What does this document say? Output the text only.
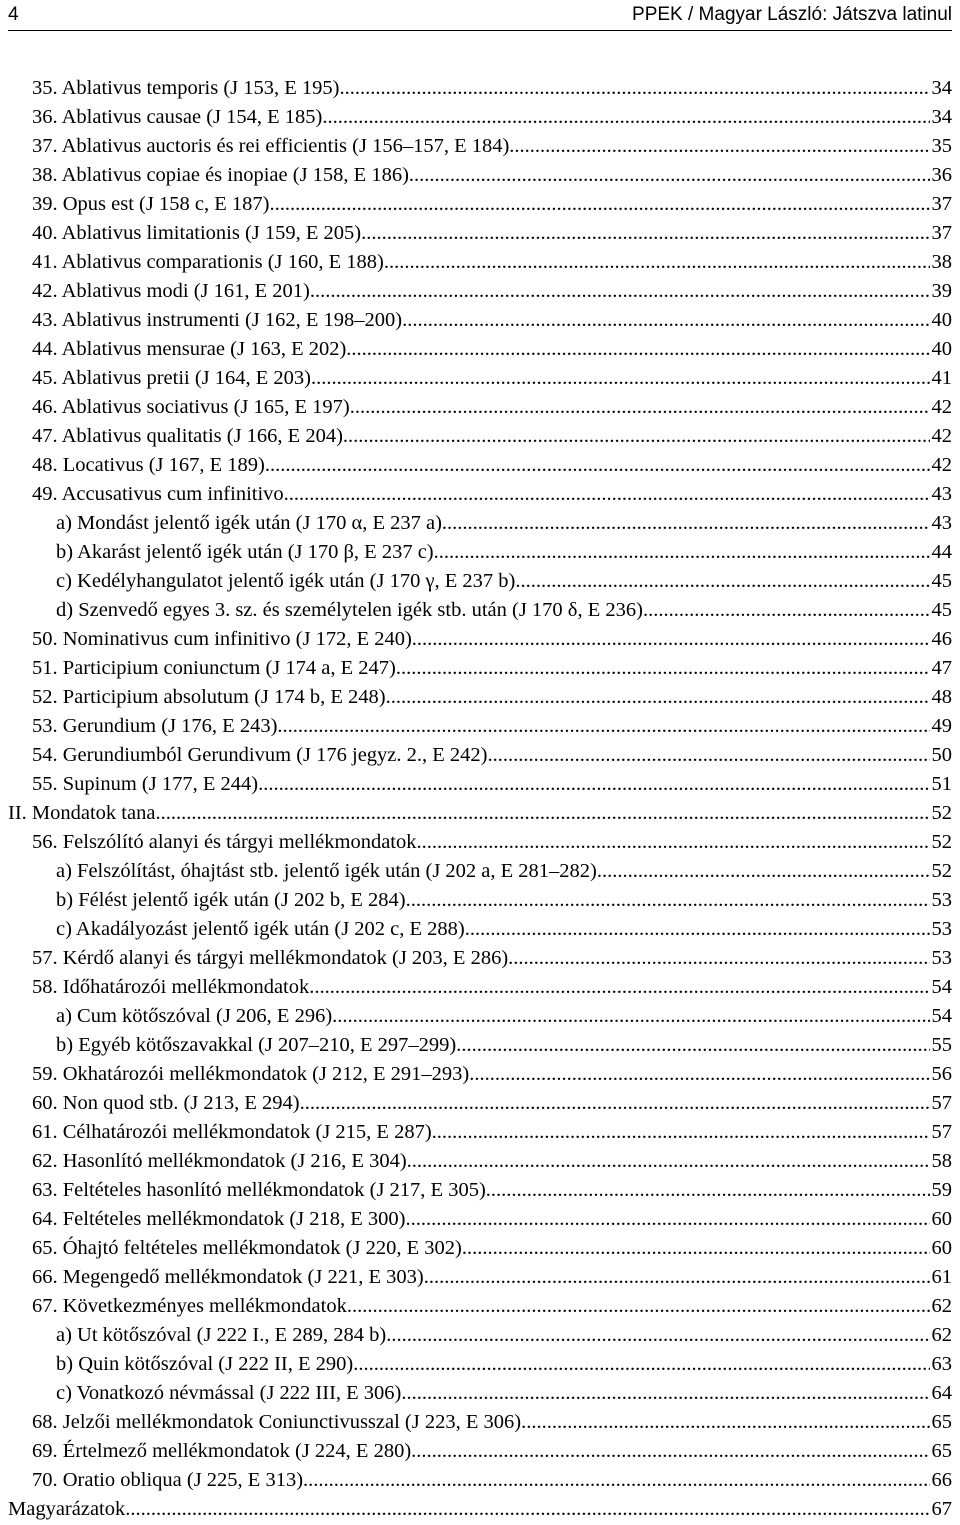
4	PPEK / Magyar László: Játszva latinul
35. Ablativus temporis (J 153, E 195) .....	34
36. Ablativus causae (J 154, E 185) .....	34
37. Ablativus auctoris és rei efficientis (J 156–157, E 184) .....	35
38. Ablativus copiae és inopiae (J 158, E 186) .....	36
39. Opus est (J 158 c, E 187) .....	37
40. Ablativus limitationis (J 159, E 205) .....	37
41. Ablativus comparationis (J 160, E 188) .....	38
42. Ablativus modi (J 161, E 201) .....	39
43. Ablativus instrumenti (J 162, E 198–200) .....	40
44. Ablativus mensurae (J 163, E 202) .....	40
45. Ablativus pretii (J 164, E 203) .....	41
46. Ablativus sociativus (J 165, E 197) .....	42
47. Ablativus qualitatis (J 166, E 204) .....	42
48. Locativus (J 167, E 189) .....	42
49. Accusativus cum infinitivo .....	43
a) Mondást jelentő igék után (J 170 α, E 237 a) .....	43
b) Akarást jelentő igék után (J 170 β, E 237 c) .....	44
c) Kedélyhangulatot jelentő igék után (J 170 γ, E 237 b) .....	45
d) Szenvedő egyes 3. sz. és személytelen igék stb. után (J 170 δ, E 236) .....	45
50. Nominativus cum infinitivo (J 172, E 240) .....	46
51. Participium coniunctum (J 174 a, E 247) .....	47
52. Participium absolutum (J 174 b, E 248) .....	48
53. Gerundium (J 176, E 243) .....	49
54. Gerundiumból Gerundivum (J 176 jegyz. 2., E 242) .....	50
55. Supinum (J 177, E 244) .....	51
II. Mondatok tana .....	52
56. Felszólító alanyi és tárgyi mellékmondatok .....	52
a) Felszólítást, óhajtást stb. jelentő igék után (J 202 a, E 281–282) .....	52
b) Félést jelentő igék után (J 202 b, E 284) .....	53
c) Akadályozást jelentő igék után (J 202 c, E 288) .....	53
57. Kérdő alanyi és tárgyi mellékmondatok (J 203, E 286) .....	53
58. Időhatározói mellékmondatok .....	54
a) Cum kötőszóval (J 206, E 296) .....	54
b) Egyéb kötőszavakkal (J 207–210, E 297–299) .....	55
59. Okhatározói mellékmondatok (J 212, E 291–293) .....	56
60. Non quod stb. (J 213, E 294) .....	57
61. Célhatározói mellékmondatok (J 215, E 287) .....	57
62. Hasonlító mellékmondatok (J 216, E 304) .....	58
63. Feltételes hasonlító mellékmondatok (J 217, E 305) .....	59
64. Feltételes mellékmondatok (J 218, E 300) .....	60
65. Óhajtó feltételes mellékmondatok (J 220, E 302) .....	60
66. Megengedő mellékmondatok (J 221, E 303) .....	61
67. Következményes mellékmondatok .....	62
a) Ut kötőszóval (J 222 I., E 289, 284 b) .....	62
b) Quin kötőszóval (J 222 II, E 290) .....	63
c) Vonatkozó névmással (J 222 III, E 306) .....	64
68. Jelzői mellékmondatok Coniunctivusszal (J 223, E 306) .....	65
69. Értelmező mellékmondatok (J 224, E 280) .....	65
70. Oratio obliqua (J 225, E 313) .....	66
Magyarázatok .....	67
